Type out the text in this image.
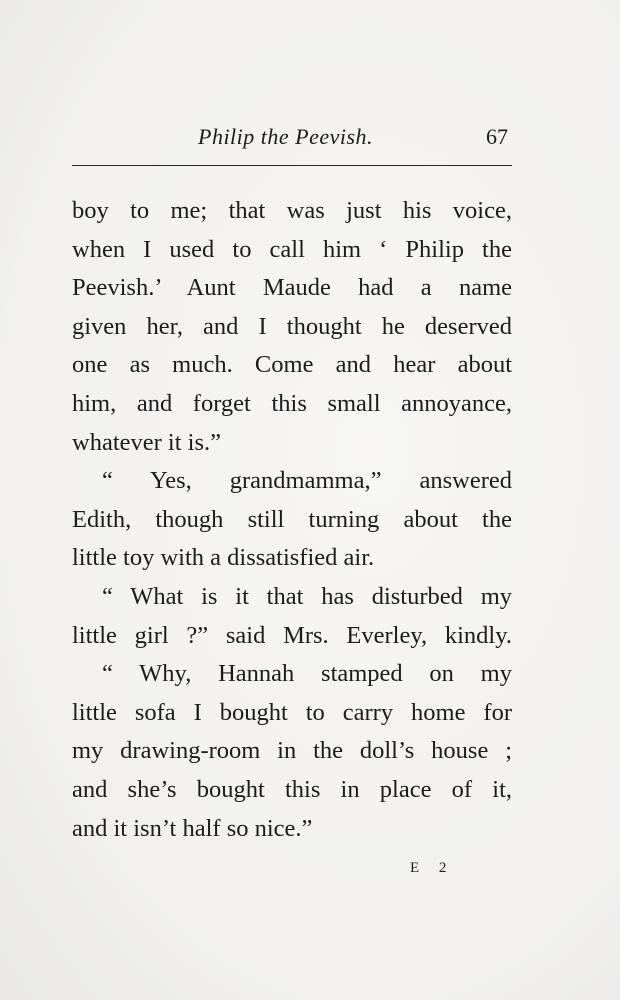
Philip the Peevish.	67
boy to me; that was just his voice,
when I used to call him ‘ Philip the
Peevish.’ Aunt Maude had a name
given her, and I thought he deserved
one as much. Come and hear about
him, and forget this small annoyance,
whatever it is.”
“ Yes, grandmamma,” answered
Edith, though still turning about the
little toy with a dissatisfied air.
“ What is it that has disturbed my
little girl ?” said Mrs. Everley, kindly.
“ Why, Hannah stamped on my
little sofa I bought to carry home for
my drawing-room in the doll’s house ;
and she’s bought this in place of it,
and it isn’t half so nice.”
E 2
